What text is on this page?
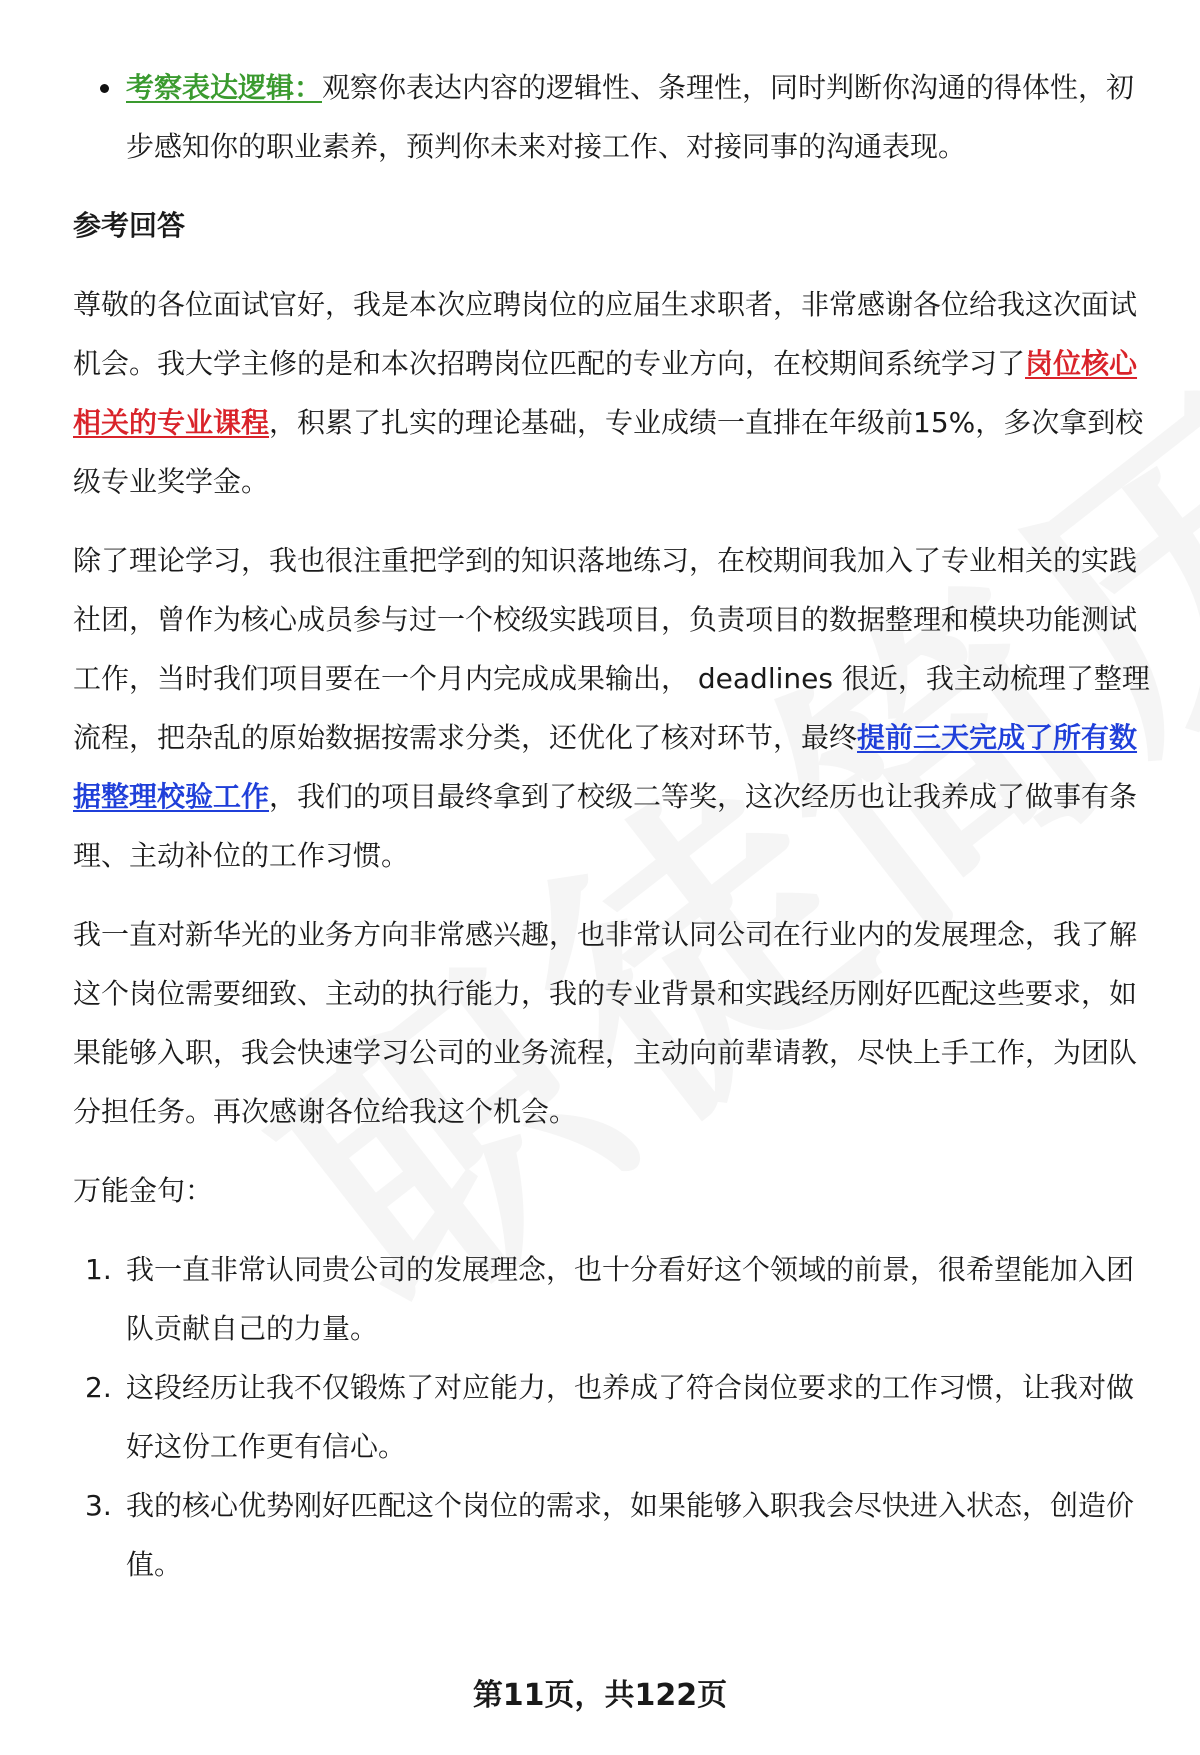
考察表达逻辑：观察你表达内容的逻辑性、条理性，同时判断你沟通的得体性，初步感知你的职业素养，预判你未来对接工作、对接同事的沟通表现。
参考回答
尊敬的各位面试官好，我是本次应聘岗位的应届生求职者，非常感谢各位给我这次面试机会。我大学主修的是和本次招聘岗位匹配的专业方向，在校期间系统学习了岗位核心相关的专业课程，积累了扎实的理论基础，专业成绩一直排在年级前15%，多次拿到校级专业奖学金。
除了理论学习，我也很注重把学到的知识落地练习，在校期间我加入了专业相关的实践社团，曾作为核心成员参与过一个校级实践项目，负责项目的数据整理和模块功能测试工作，当时我们项目要在一个月内完成成果输出， deadlines 很近，我主动梳理了整理流程，把杂乱的原始数据按需求分类，还优化了核对环节，最终提前三天完成了所有数据整理校验工作，我们的项目最终拿到了校级二等奖，这次经历也让我养成了做事有条理、主动补位的工作习惯。
我一直对新华光的业务方向非常感兴趣，也非常认同公司在行业内的发展理念，我了解这个岗位需要细致、主动的执行能力，我的专业背景和实践经历刚好匹配这些要求，如果能够入职，我会快速学习公司的业务流程，主动向前辈请教，尽快上手工作，为团队分担任务。再次感谢各位给我这个机会。
万能金句：
1. 我一直非常认同贵公司的发展理念，也十分看好这个领域的前景，很希望能加入团队贡献自己的力量。
2. 这段经历让我不仅锻炼了对应能力，也养成了符合岗位要求的工作习惯，让我对做好这份工作更有信心。
3. 我的核心优势刚好匹配这个岗位的需求，如果能够入职我会尽快进入状态，创造价值。
第11页，共122页
